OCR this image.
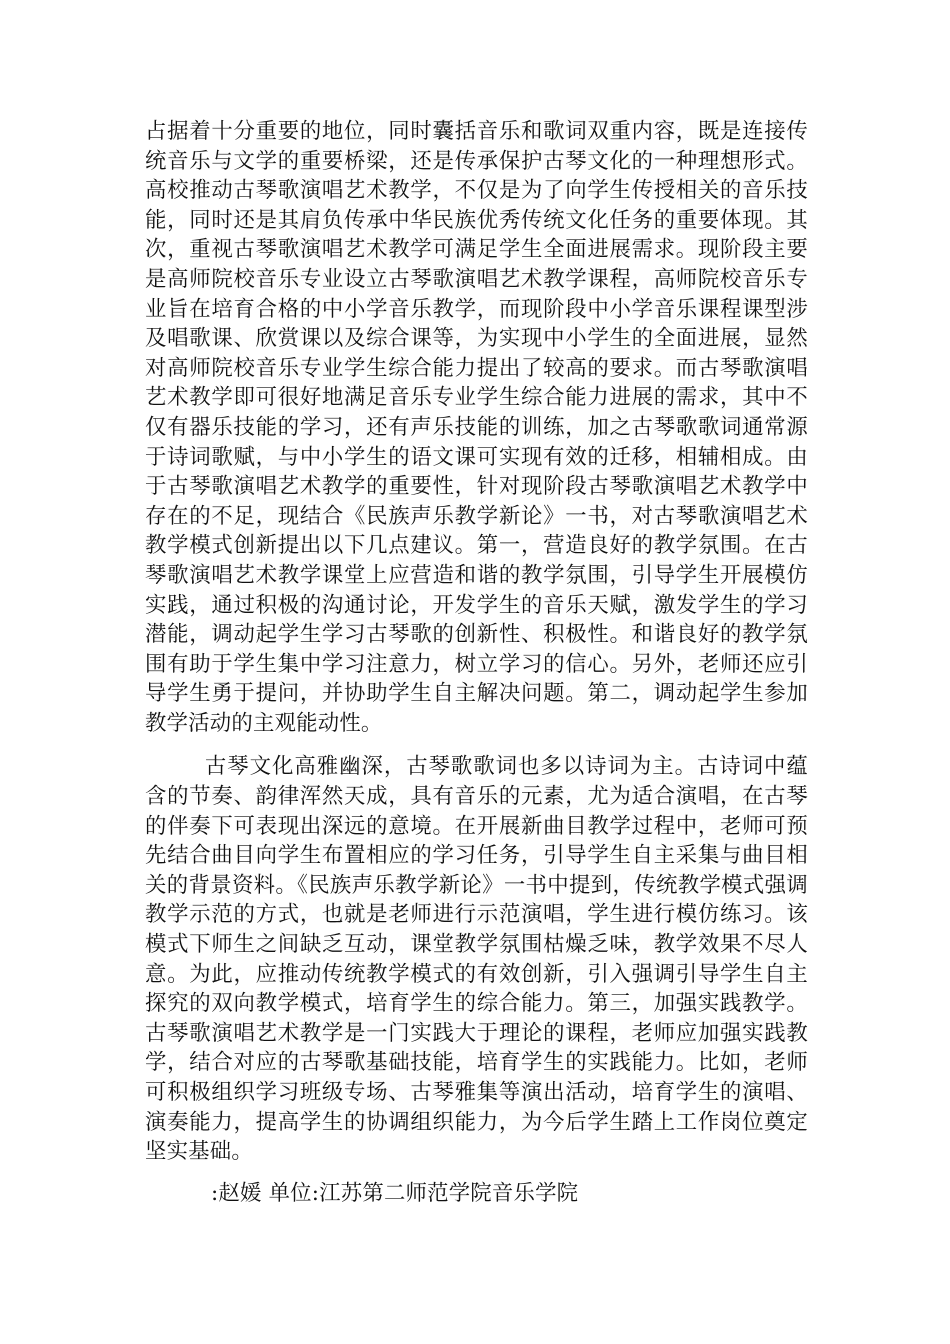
占据着十分重要的地位，同时囊括音乐和歌词双重内容，既是连接传统音乐与文学的重要桥梁，还是传承保护古琴文化的一种理想形式。高校推动古琴歌演唱艺术教学，不仅是为了向学生传授相关的音乐技能，同时还是其肩负传承中华民族优秀传统文化任务的重要体现。其次，重视古琴歌演唱艺术教学可满足学生全面进展需求。现阶段主要是高师院校音乐专业设立古琴歌演唱艺术教学课程，高师院校音乐专业旨在培育合格的中小学音乐教学，而现阶段中小学音乐课程课型涉及唱歌课、欣赏课以及综合课等，为实现中小学生的全面进展，显然对高师院校音乐专业学生综合能力提出了较高的要求。而古琴歌演唱艺术教学即可很好地满足音乐专业学生综合能力进展的需求，其中不仅有器乐技能的学习，还有声乐技能的训练，加之古琴歌歌词通常源于诗词歌赋，与中小学生的语文课可实现有效的迁移，相辅相成。由于古琴歌演唱艺术教学的重要性，针对现阶段古琴歌演唱艺术教学中存在的不足，现结合《民族声乐教学新论》一书，对古琴歌演唱艺术教学模式创新提出以下几点建议。第一，营造良好的教学氛围。在古琴歌演唱艺术教学课堂上应营造和谐的教学氛围，引导学生开展模仿实践，通过积极的沟通讨论，开发学生的音乐天赋，激发学生的学习潜能，调动起学生学习古琴歌的创新性、积极性。和谐良好的教学氛围有助于学生集中学习注意力，树立学习的信心。另外，老师还应引导学生勇于提问，并协助学生自主解决问题。第二，调动起学生参加教学活动的主观能动性。

古琴文化高雅幽深，古琴歌歌词也多以诗词为主。古诗词中蕴含的节奏、韵律浑然天成，具有音乐的元素，尤为适合演唱，在古琴的伴奏下可表现出深远的意境。在开展新曲目教学过程中，老师可预先结合曲目向学生布置相应的学习任务，引导学生自主采集与曲目相关的背景资料。《民族声乐教学新论》一书中提到，传统教学模式强调教学示范的方式，也就是老师进行示范演唱，学生进行模仿练习。该模式下师生之间缺乏互动，课堂教学氛围枯燥乏味，教学效果不尽人意。为此，应推动传统教学模式的有效创新，引入强调引导学生自主探究的双向教学模式，培育学生的综合能力。第三，加强实践教学。古琴歌演唱艺术教学是一门实践大于理论的课程，老师应加强实践教学，结合对应的古琴歌基础技能，培育学生的实践能力。比如，老师可积极组织学习班级专场、古琴雅集等演出活动，培育学生的演唱、演奏能力，提高学生的协调组织能力，为今后学生踏上工作岗位奠定坚实基础。

:赵媛 单位:江苏第二师范学院音乐学院
